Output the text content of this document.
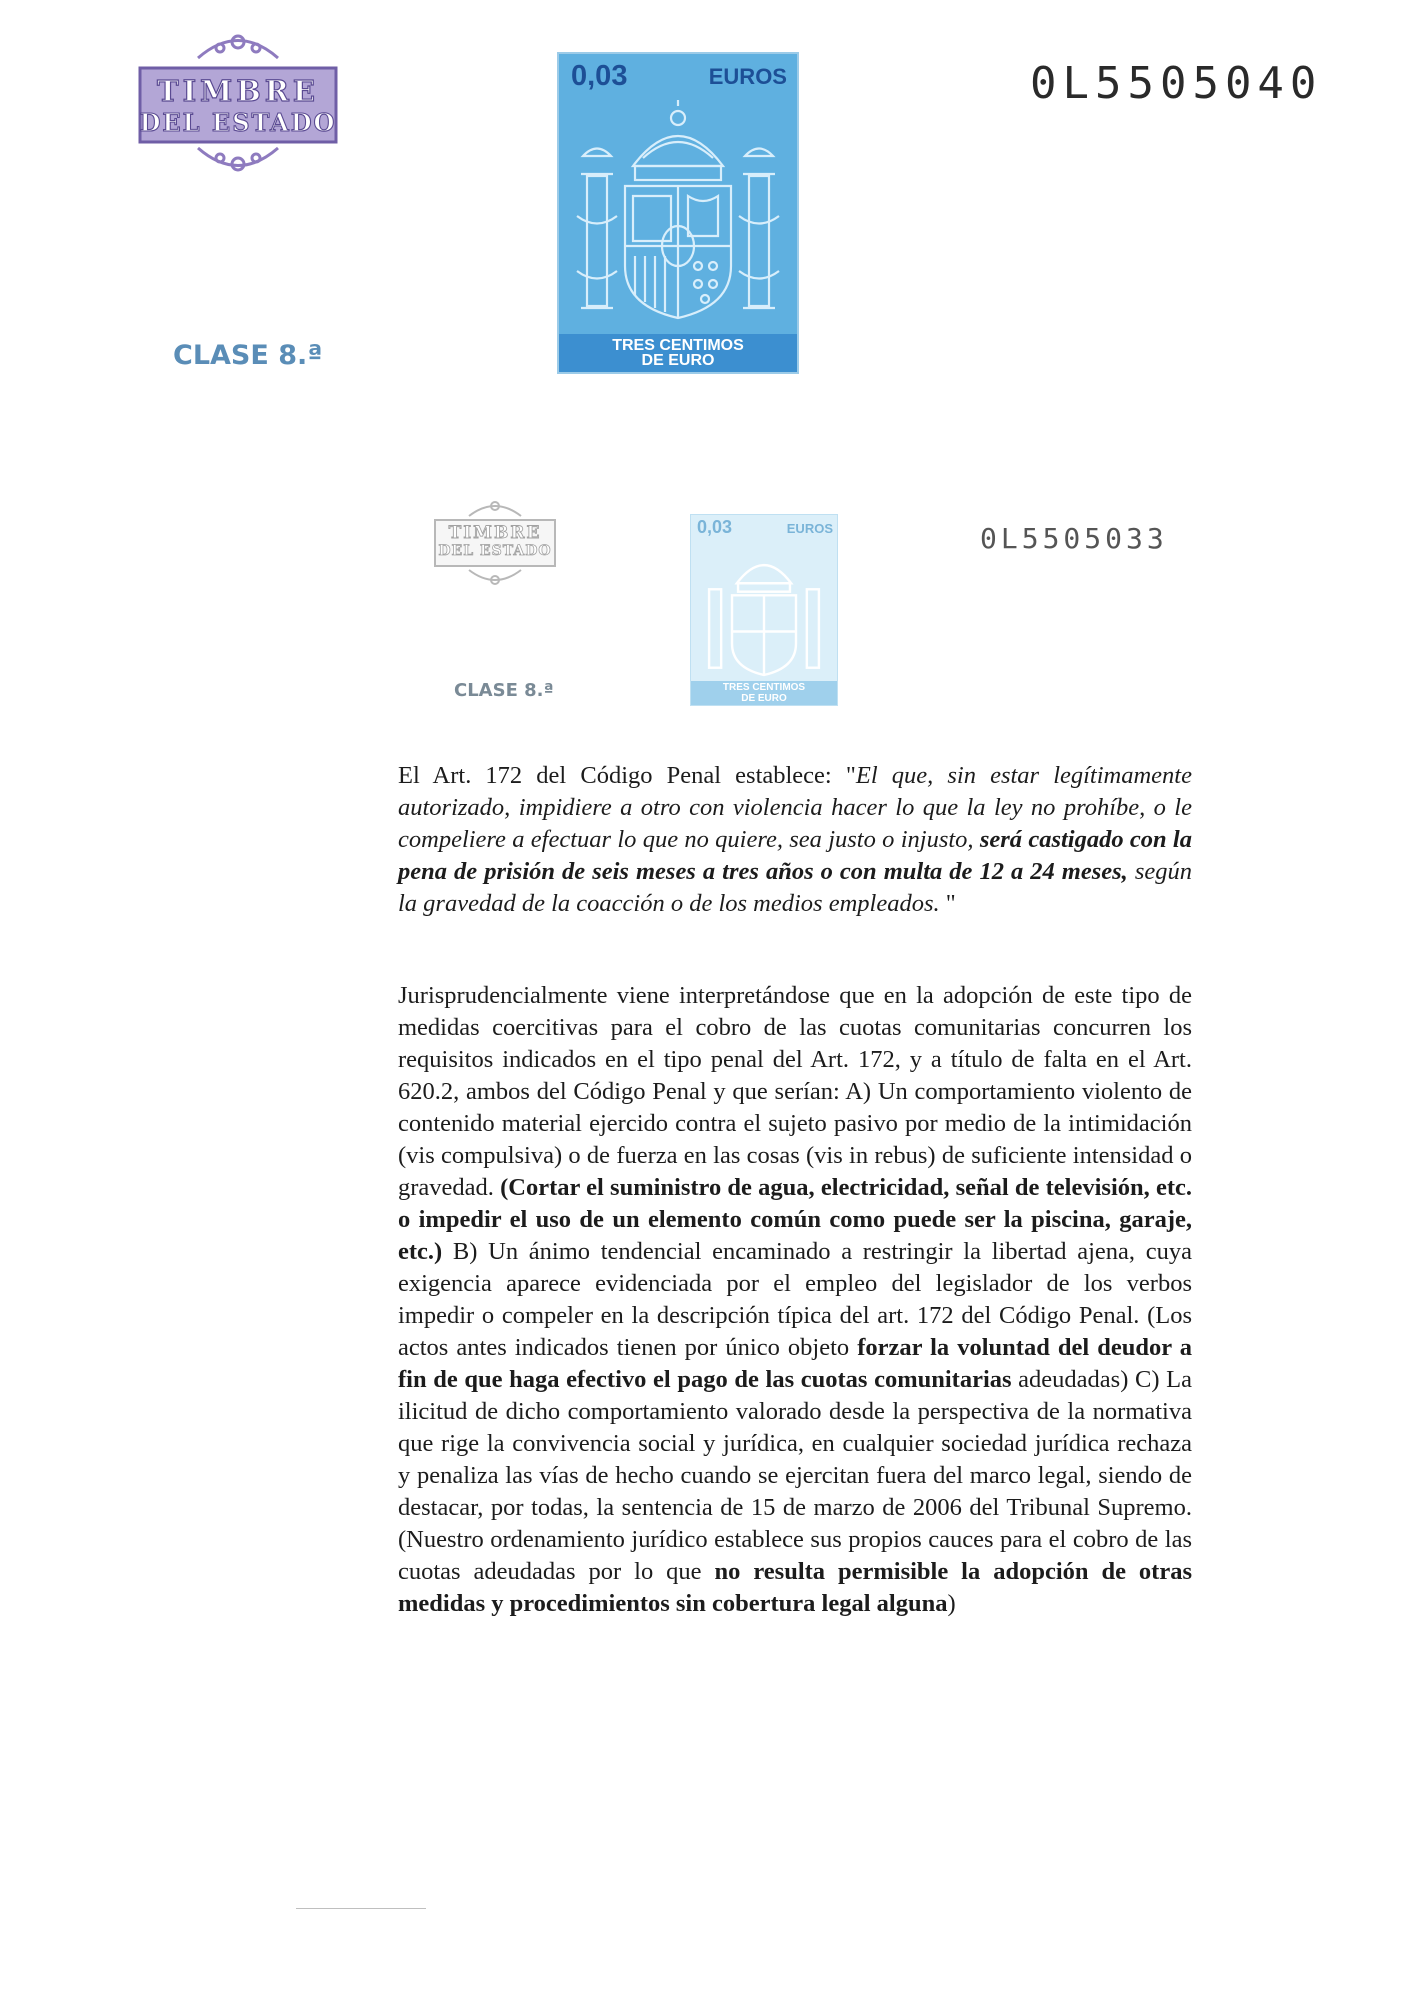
TIMBRE
DEL ESTADO
0,03	EUROS
TRES CENTIMOS
DE EURO
0L5505040
CLASE 8.ª
TIMBRE
DEL ESTADO
0,03	EUROS
TRES CENTIMOS
DE EURO
0L5505033
CLASE 8.ª

El Art. 172 del Código Penal establece: "El que, sin estar legítimamente autorizado, impidiere a otro con violencia hacer lo que la ley no prohíbe, o le compeliere a efectuar lo que no quiere, sea justo o injusto, será castigado con la pena de prisión de seis meses a tres años o con multa de 12 a 24 meses, según la gravedad de la coacción o de los medios empleados. "

Jurisprudencialmente viene interpretándose que en la adopción de este tipo de medidas coercitivas para el cobro de las cuotas comunitarias concurren los requisitos indicados en el tipo penal del Art. 172, y a título de falta en el Art. 620.2, ambos del Código Penal y que serían: A) Un comportamiento violento de contenido material ejercido contra el sujeto pasivo por medio de la intimidación (vis compulsiva) o de fuerza en las cosas (vis in rebus) de suficiente intensidad o gravedad. (Cortar el suministro de agua, electricidad, señal de televisión, etc. o impedir el uso de un elemento común como puede ser la piscina, garaje, etc.) B) Un ánimo tendencial encaminado a restringir la libertad ajena, cuya exigencia aparece evidenciada por el empleo del legislador de los verbos impedir o compeler en la descripción típica del art. 172 del Código Penal. (Los actos antes indicados tienen por único objeto forzar la voluntad del deudor a fin de que haga efectivo el pago de las cuotas comunitarias adeudadas) C) La ilicitud de dicho comportamiento valorado desde la perspectiva de la normativa que rige la convivencia social y jurídica, en cualquier sociedad jurídica rechaza y penaliza las vías de hecho cuando se ejercitan fuera del marco legal, siendo de destacar, por todas, la sentencia de 15 de marzo de 2006 del Tribunal Supremo. (Nuestro ordenamiento jurídico establece sus propios cauces para el cobro de las cuotas adeudadas por lo que no resulta permisible la adopción de otras medidas y procedimientos sin cobertura legal alguna)
